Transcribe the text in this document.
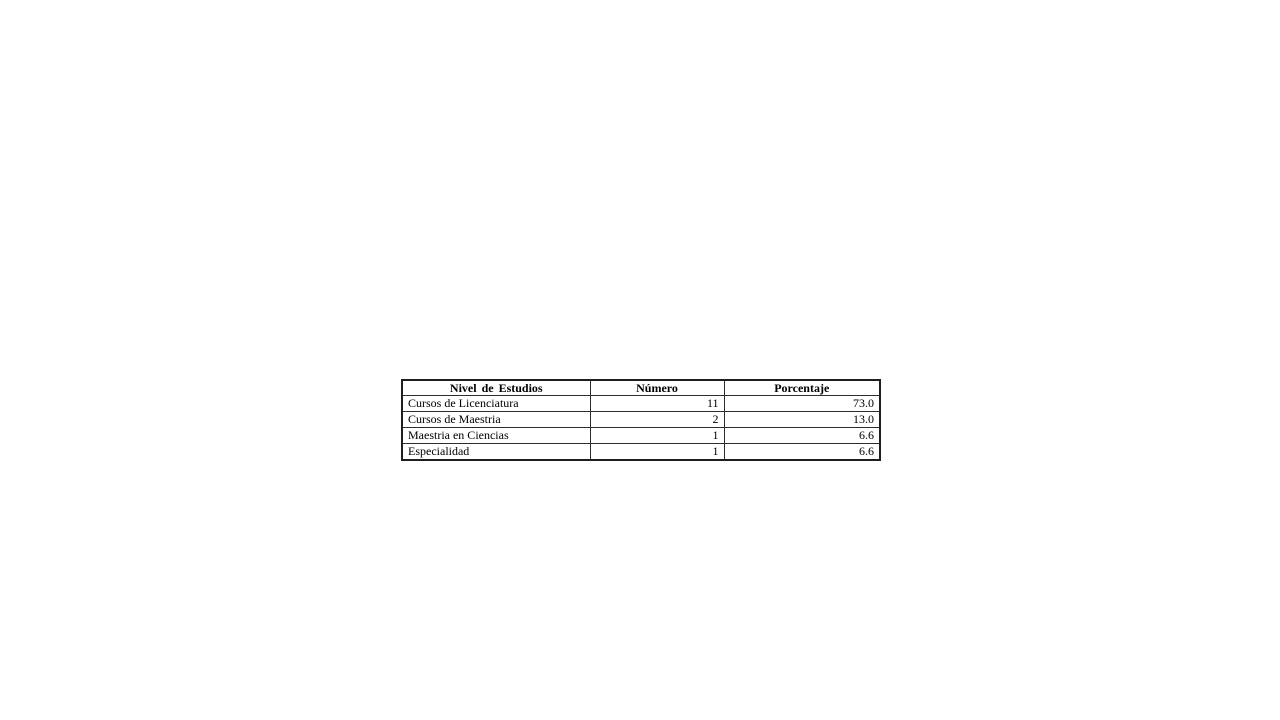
Nivel de Estudios	Número	Porcentaje
Cursos de Licenciatura	11	73.0
Cursos de Maestria	2	13.0
Maestria en Ciencias	1	6.6
Especialidad	1	6.6
